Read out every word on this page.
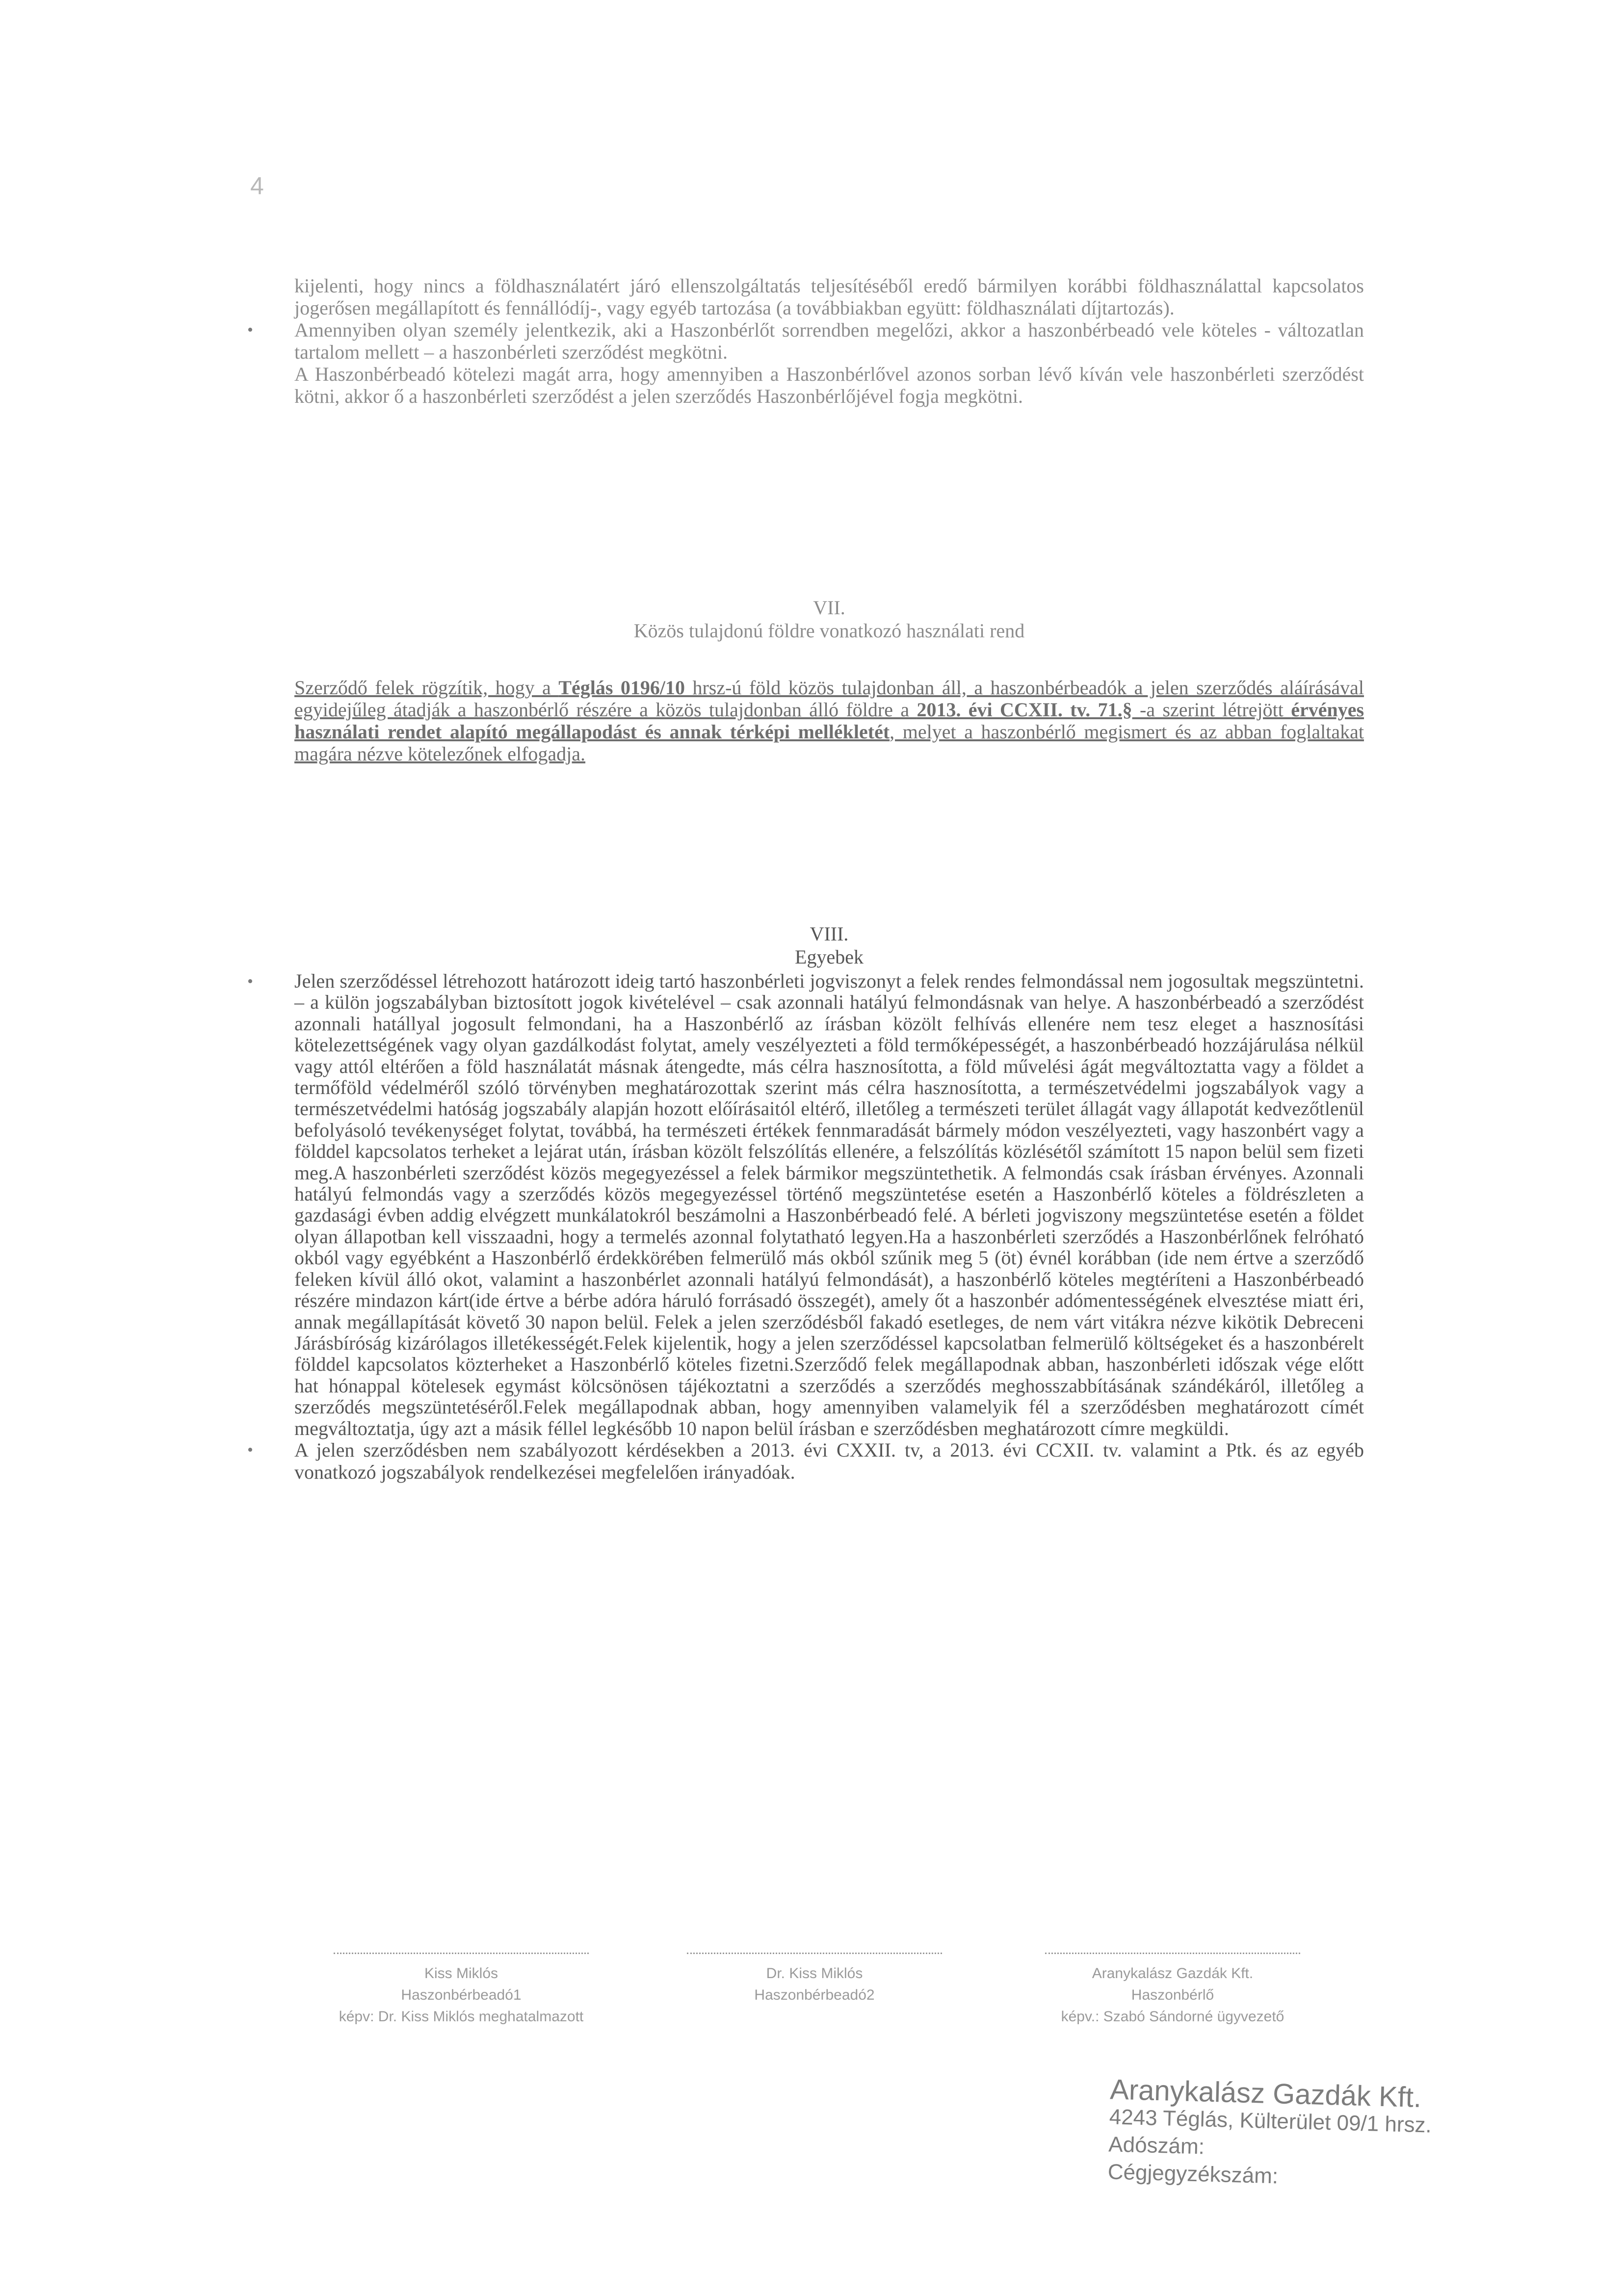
4

kijelenti, hogy nincs a földhasználatért járó ellenszolgáltatás teljesítéséből eredő bármilyen korábbi földhasználattal kapcsolatos jogerősen megállapított és fennállódíj-, vagy egyéb tartozása (a továbbiakban együtt: földhasználati díjtartozás).

• Amennyiben olyan személy jelentkezik, aki a Haszonbérlőt sorrendben megelőzi, akkor a haszonbérbeadó vele köteles - változatlan tartalom mellett – a haszonbérleti szerződést megkötni.

A Haszonbérbeadó kötelezi magát arra, hogy amennyiben a Haszonbérlővel azonos sorban lévő kíván vele haszonbérleti szerződést kötni, akkor ő a haszonbérleti szerződést a jelen szerződés Haszonbérlőjével fogja megkötni.

VII.

Közös tulajdonú földre vonatkozó használati rend

Szerződő felek rögzítik, hogy a Téglás 0196/10 hrsz-ú föld közös tulajdonban áll, a haszonbérbeadók a jelen szerződés aláírásával egyidejűleg átadják a haszonbérlő részére a közös tulajdonban álló földre a 2013. évi CCXII. tv. 71.§ -a szerint létrejött érvényes használati rendet alapító megállapodást és annak térképi mellékletét, melyet a haszonbérlő megismert és az abban foglaltakat magára nézve kötelezőnek elfogadja.

VIII.

Egyebek

• Jelen szerződéssel létrehozott határozott ideig tartó haszonbérleti jogviszonyt a felek rendes felmondással nem jogosultak megszüntetni. – a külön jogszabályban biztosított jogok kivételével – csak azonnali hatályú felmondásnak van helye. A haszonbérbeadó a szerződést azonnali hatállyal jogosult felmondani, ha a Haszonbérlő az írásban közölt felhívás ellenére nem tesz eleget a hasznosítási kötelezettségének vagy olyan gazdálkodást folytat, amely veszélyezteti a föld termőképességét, a haszonbérbeadó hozzájárulása nélkül vagy attól eltérően a föld használatát másnak átengedte, más célra hasznosította, a föld művelési ágát megváltoztatta vagy a földet a termőföld védelméről szóló törvényben meghatározottak szerint más célra hasznosította, a természetvédelmi jogszabályok vagy a természetvédelmi hatóság jogszabály alapján hozott előírásaitól eltérő, illetőleg a természeti terület állagát vagy állapotát kedvezőtlenül befolyásoló tevékenységet folytat, továbbá, ha természeti értékek fennmaradását bármely módon veszélyezteti, vagy haszonbért vagy a földdel kapcsolatos terheket a lejárat után, írásban közölt felszólítás ellenére, a felszólítás közlésétől számított 15 napon belül sem fizeti meg.A haszonbérleti szerződést közös megegyezéssel a felek bármikor megszüntethetik. A felmondás csak írásban érvényes. Azonnali hatályú felmondás vagy a szerződés közös megegyezéssel történő megszüntetése esetén a Haszonbérlő köteles a földrészleten a gazdasági évben addig elvégzett munkálatokról beszámolni a Haszonbérbeadó felé. A bérleti jogviszony megszüntetése esetén a földet olyan állapotban kell visszaadni, hogy a termelés azonnal folytatható legyen.Ha a haszonbérleti szerződés a Haszonbérlőnek felróható okból vagy egyébként a Haszonbérlő érdekkörében felmerülő más okból szűnik meg 5 (öt) évnél korábban (ide nem értve a szerződő feleken kívül álló okot, valamint a haszonbérlet azonnali hatályú felmondását), a haszonbérlő köteles megtéríteni a Haszonbérbeadó részére mindazon kárt(ide értve a bérbe adóra háruló forrásadó összegét), amely őt a haszonbér adómentességének elvesztése miatt éri, annak megállapítását követő 30 napon belül. Felek a jelen szerződésből fakadó esetleges, de nem várt vitákra nézve kikötik Debreceni Járásbíróság kizárólagos illetékességét.Felek kijelentik, hogy a jelen szerződéssel kapcsolatban felmerülő költségeket és a haszonbérelt földdel kapcsolatos közterheket a Haszonbérlő köteles fizetni.Szerződő felek megállapodnak abban, haszonbérleti időszak vége előtt hat hónappal kötelesek egymást kölcsönösen tájékoztatni a szerződés a szerződés meghosszabbításának szándékáról, illetőleg a szerződés megszüntetéséről.Felek megállapodnak abban, hogy amennyiben valamelyik fél a szerződésben meghatározott címét megváltoztatja, úgy azt a másik féllel legkésőbb 10 napon belül írásban e szerződésben meghatározott címre megküldi.

• A jelen szerződésben nem szabályozott kérdésekben a 2013. évi CXXII. tv, a 2013. évi CCXII. tv. valamint a Ptk. és az egyéb vonatkozó jogszabályok rendelkezései megfelelően irányadóak.

Kiss Miklós
Haszonbérbeadó1
képv: Dr. Kiss Miklós meghatalmazott
Dr. Kiss Miklós
Haszonbérbeadó2
Aranykalász Gazdák Kft.
Haszonbérlő
képv.: Szabó Sándorné ügyvezető
Aranykalász Gazdák Kft.
4243 Téglás, Külterület 09/1 hrsz.
Adószám:
Cégjegyzékszám:
